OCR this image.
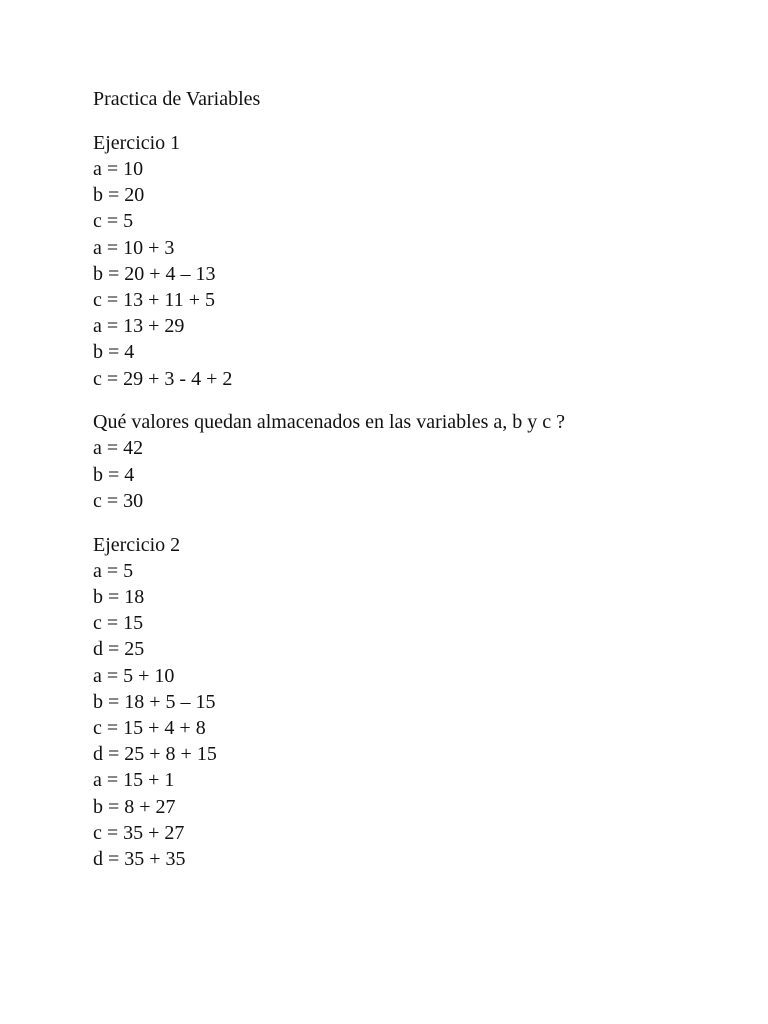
Practica de Variables

Ejercicio 1

a = 10
b = 20
c = 5
a = 10 + 3
b = 20 + 4 – 13
c = 13 + 11 + 5
a = 13 + 29
b = 4
c = 29 + 3 - 4 + 2

Qué valores quedan almacenados en las variables a, b y c ?

a = 42
b = 4
c = 30

Ejercicio 2

a = 5
b = 18
c = 15
d = 25
a = 5 + 10
b = 18 + 5 – 15
c = 15 + 4 + 8
d = 25 + 8 + 15
a = 15 + 1
b = 8 + 27
c = 35 + 27
d = 35 + 35
